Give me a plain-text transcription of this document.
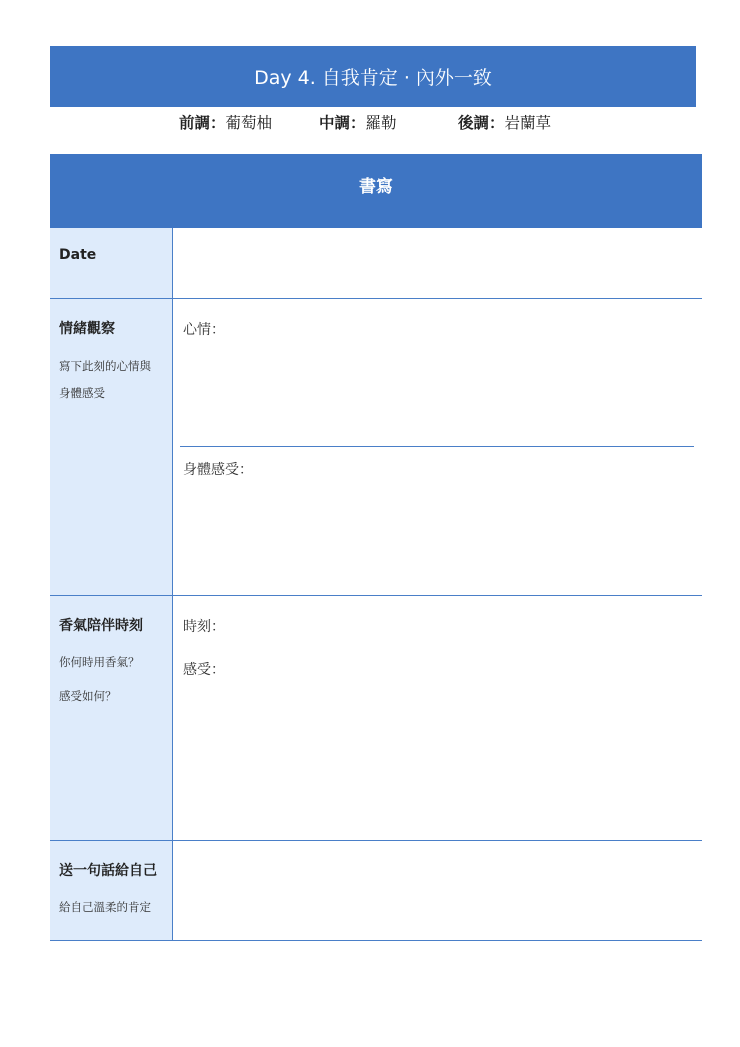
Day 4. 自我肯定 · 內外一致
前調：葡萄柚	中調：羅勒	後調：岩蘭草
書寫
Date
情緒觀察
寫下此刻的心情與
身體感受
心情：
身體感受：
香氣陪伴時刻
你何時用香氣？
感受如何？
時刻：
感受：
送一句話給自己
給自己溫柔的肯定
